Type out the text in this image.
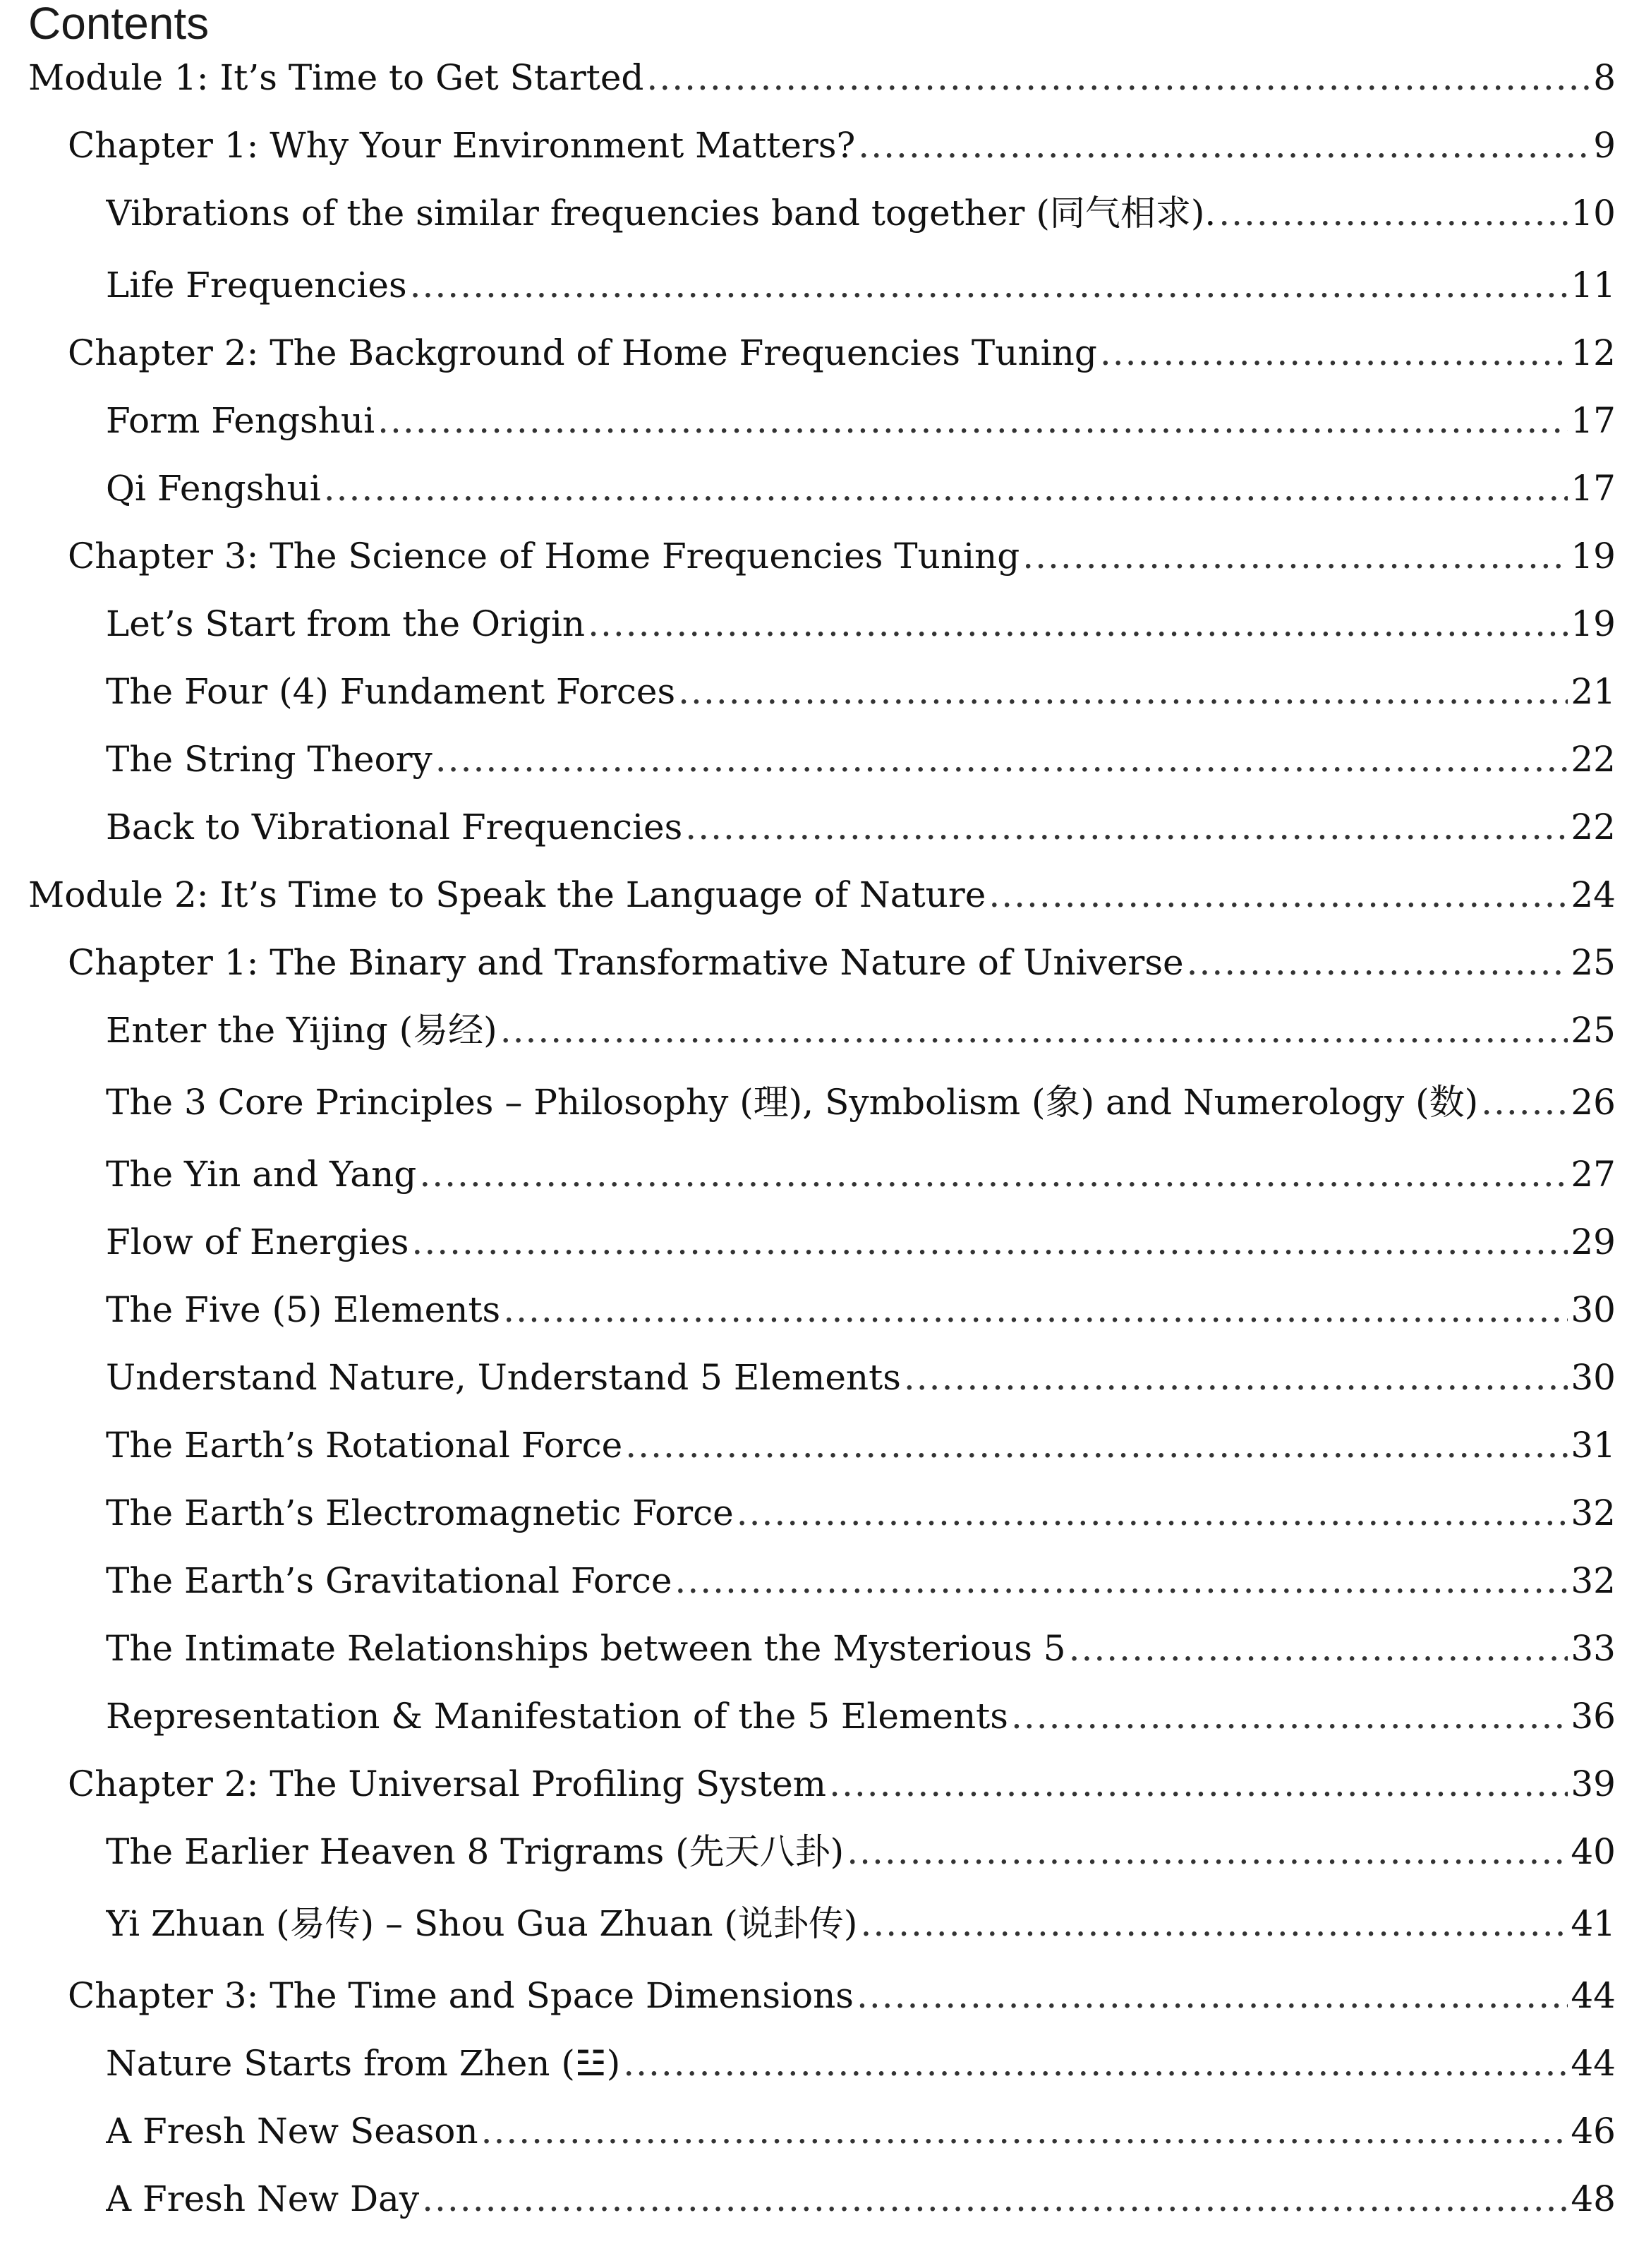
Contents
Module 1: It’s Time to Get Started .....	8
Chapter 1: Why Your Environment Matters? .....	9
Vibrations of the similar frequencies band together (同气相求). .....	10
Life Frequencies .....	11
Chapter 2: The Background of Home Frequencies Tuning .....	12
Form Fengshui .....	17
Qi Fengshui .....	17
Chapter 3: The Science of Home Frequencies Tuning .....	19
Let’s Start from the Origin .....	19
The Four (4) Fundament Forces .....	21
The String Theory .....	22
Back to Vibrational Frequencies .....	22
Module 2: It’s Time to Speak the Language of Nature .....	24
Chapter 1: The Binary and Transformative Nature of Universe .....	25
Enter the Yijing (易经) .....	25
The 3 Core Principles – Philosophy (理), Symbolism (象) and Numerology (数) .....	26
The Yin and Yang .....	27
Flow of Energies .....	29
The Five (5) Elements .....	30
Understand Nature, Understand 5 Elements .....	30
The Earth’s Rotational Force .....	31
The Earth’s Electromagnetic Force .....	32
The Earth’s Gravitational Force .....	32
The Intimate Relationships between the Mysterious 5 .....	33
Representation & Manifestation of the 5 Elements .....	36
Chapter 2: The Universal Profiling System .....	39
The Earlier Heaven 8 Trigrams (先天八卦) .....	40
Yi Zhuan (易传) – Shou Gua Zhuan (说卦传) .....	41
Chapter 3: The Time and Space Dimensions .....	44
Nature Starts from Zhen (☳) .....	44
A Fresh New Season .....	46
A Fresh New Day .....	48
